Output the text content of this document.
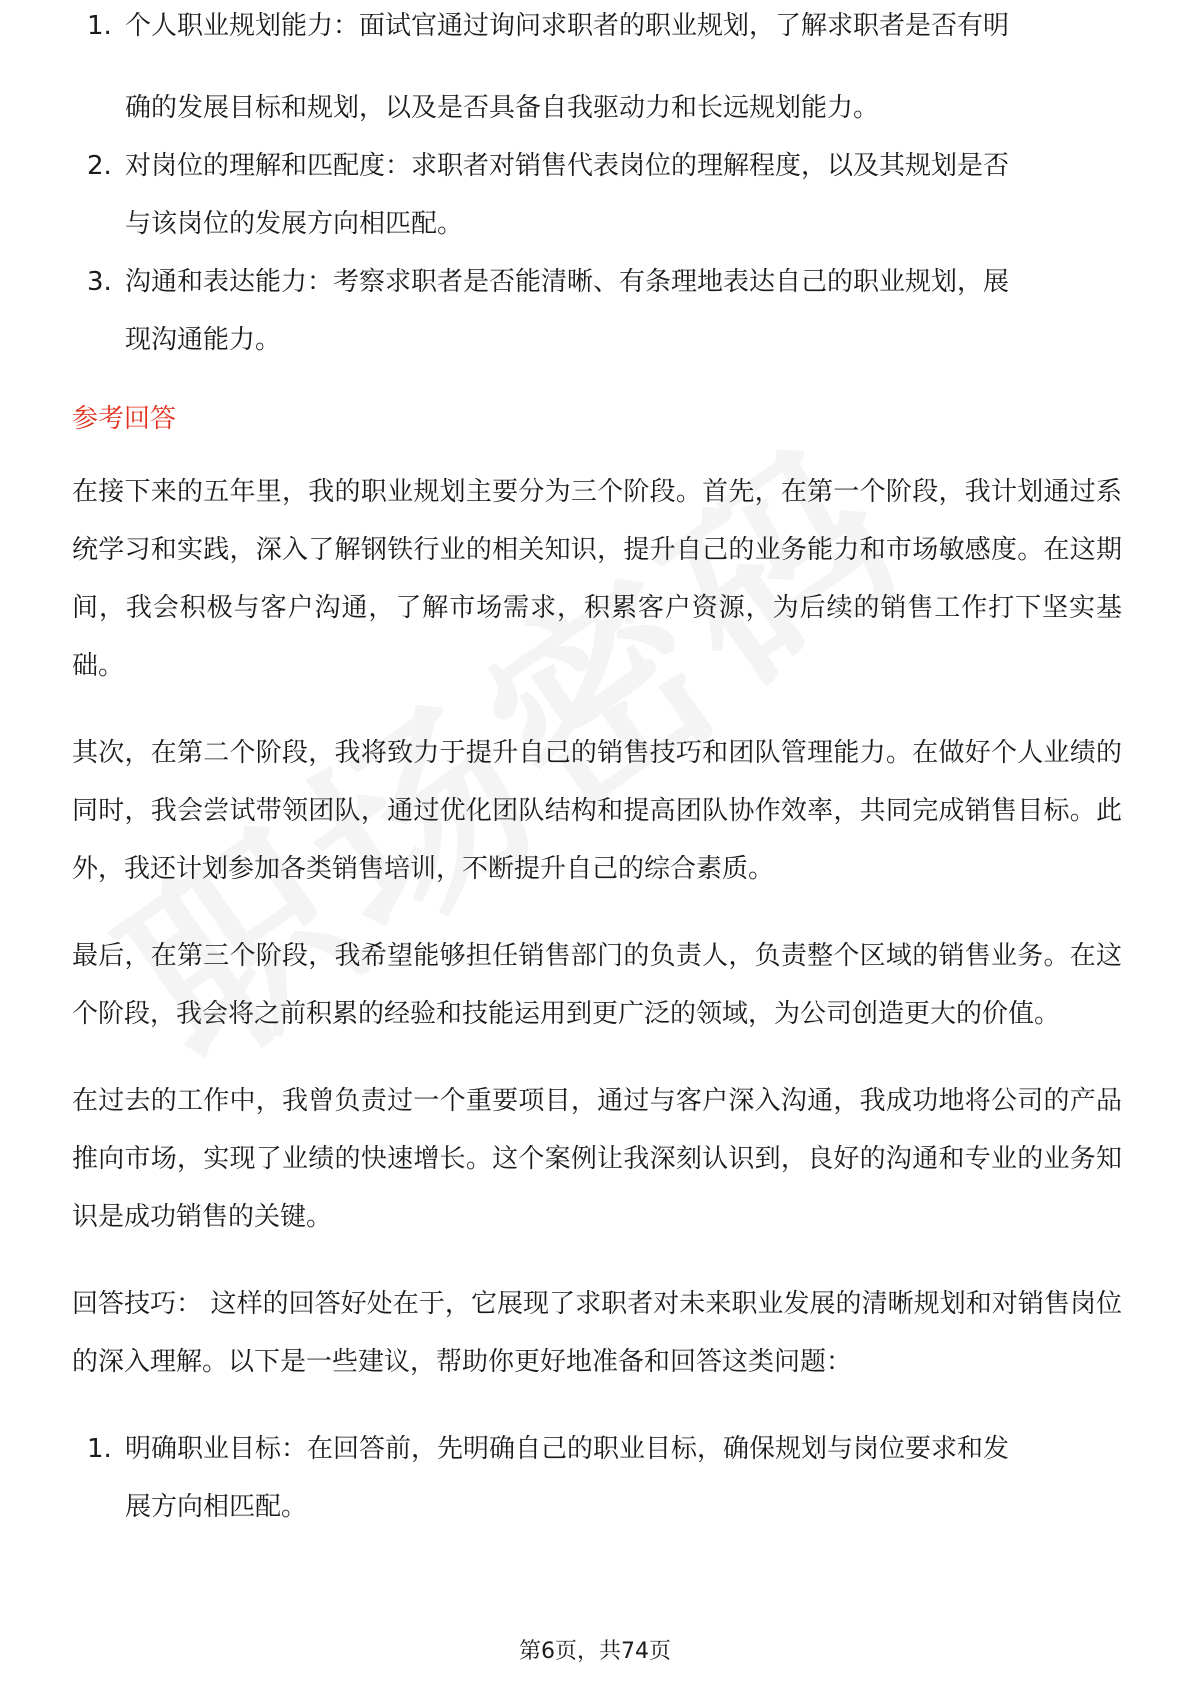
1. 个人职业规划能力：面试官通过询问求职者的职业规划，了解求职者是否有明
确的发展目标和规划，以及是否具备自我驱动力和长远规划能力。
2. 对岗位的理解和匹配度：求职者对销售代表岗位的理解程度，以及其规划是否
与该岗位的发展方向相匹配。
3. 沟通和表达能力：考察求职者是否能清晰、有条理地表达自己的职业规划，展
现沟通能力。
参考回答

在接下来的五年里，我的职业规划主要分为三个阶段。首先，在第一个阶段，我计划通过系统学习和实践，深入了解钢铁行业的相关知识，提升自己的业务能力和市场敏感度。在这期间，我会积极与客户沟通，了解市场需求，积累客户资源，为后续的销售工作打下坚实基础。

其次，在第二个阶段，我将致力于提升自己的销售技巧和团队管理能力。在做好个人业绩的同时，我会尝试带领团队，通过优化团队结构和提高团队协作效率，共同完成销售目标。此外，我还计划参加各类销售培训，不断提升自己的综合素质。

最后，在第三个阶段，我希望能够担任销售部门的负责人，负责整个区域的销售业务。在这个阶段，我会将之前积累的经验和技能运用到更广泛的领域，为公司创造更大的价值。

在过去的工作中，我曾负责过一个重要项目，通过与客户深入沟通，我成功地将公司的产品推向市场，实现了业绩的快速增长。这个案例让我深刻认识到，良好的沟通和专业的业务知识是成功销售的关键。

回答技巧： 这样的回答好处在于，它展现了求职者对未来职业发展的清晰规划和对销售岗位的深入理解。以下是一些建议，帮助你更好地准备和回答这类问题：

1. 明确职业目标：在回答前，先明确自己的职业目标，确保规划与岗位要求和发
展方向相匹配。
第6页，共74页
